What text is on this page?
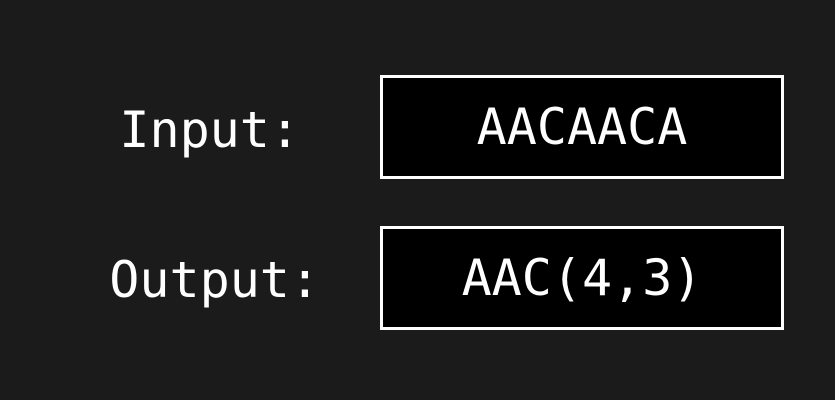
Input:	AACAACA
Output:	AAC(4,3)
